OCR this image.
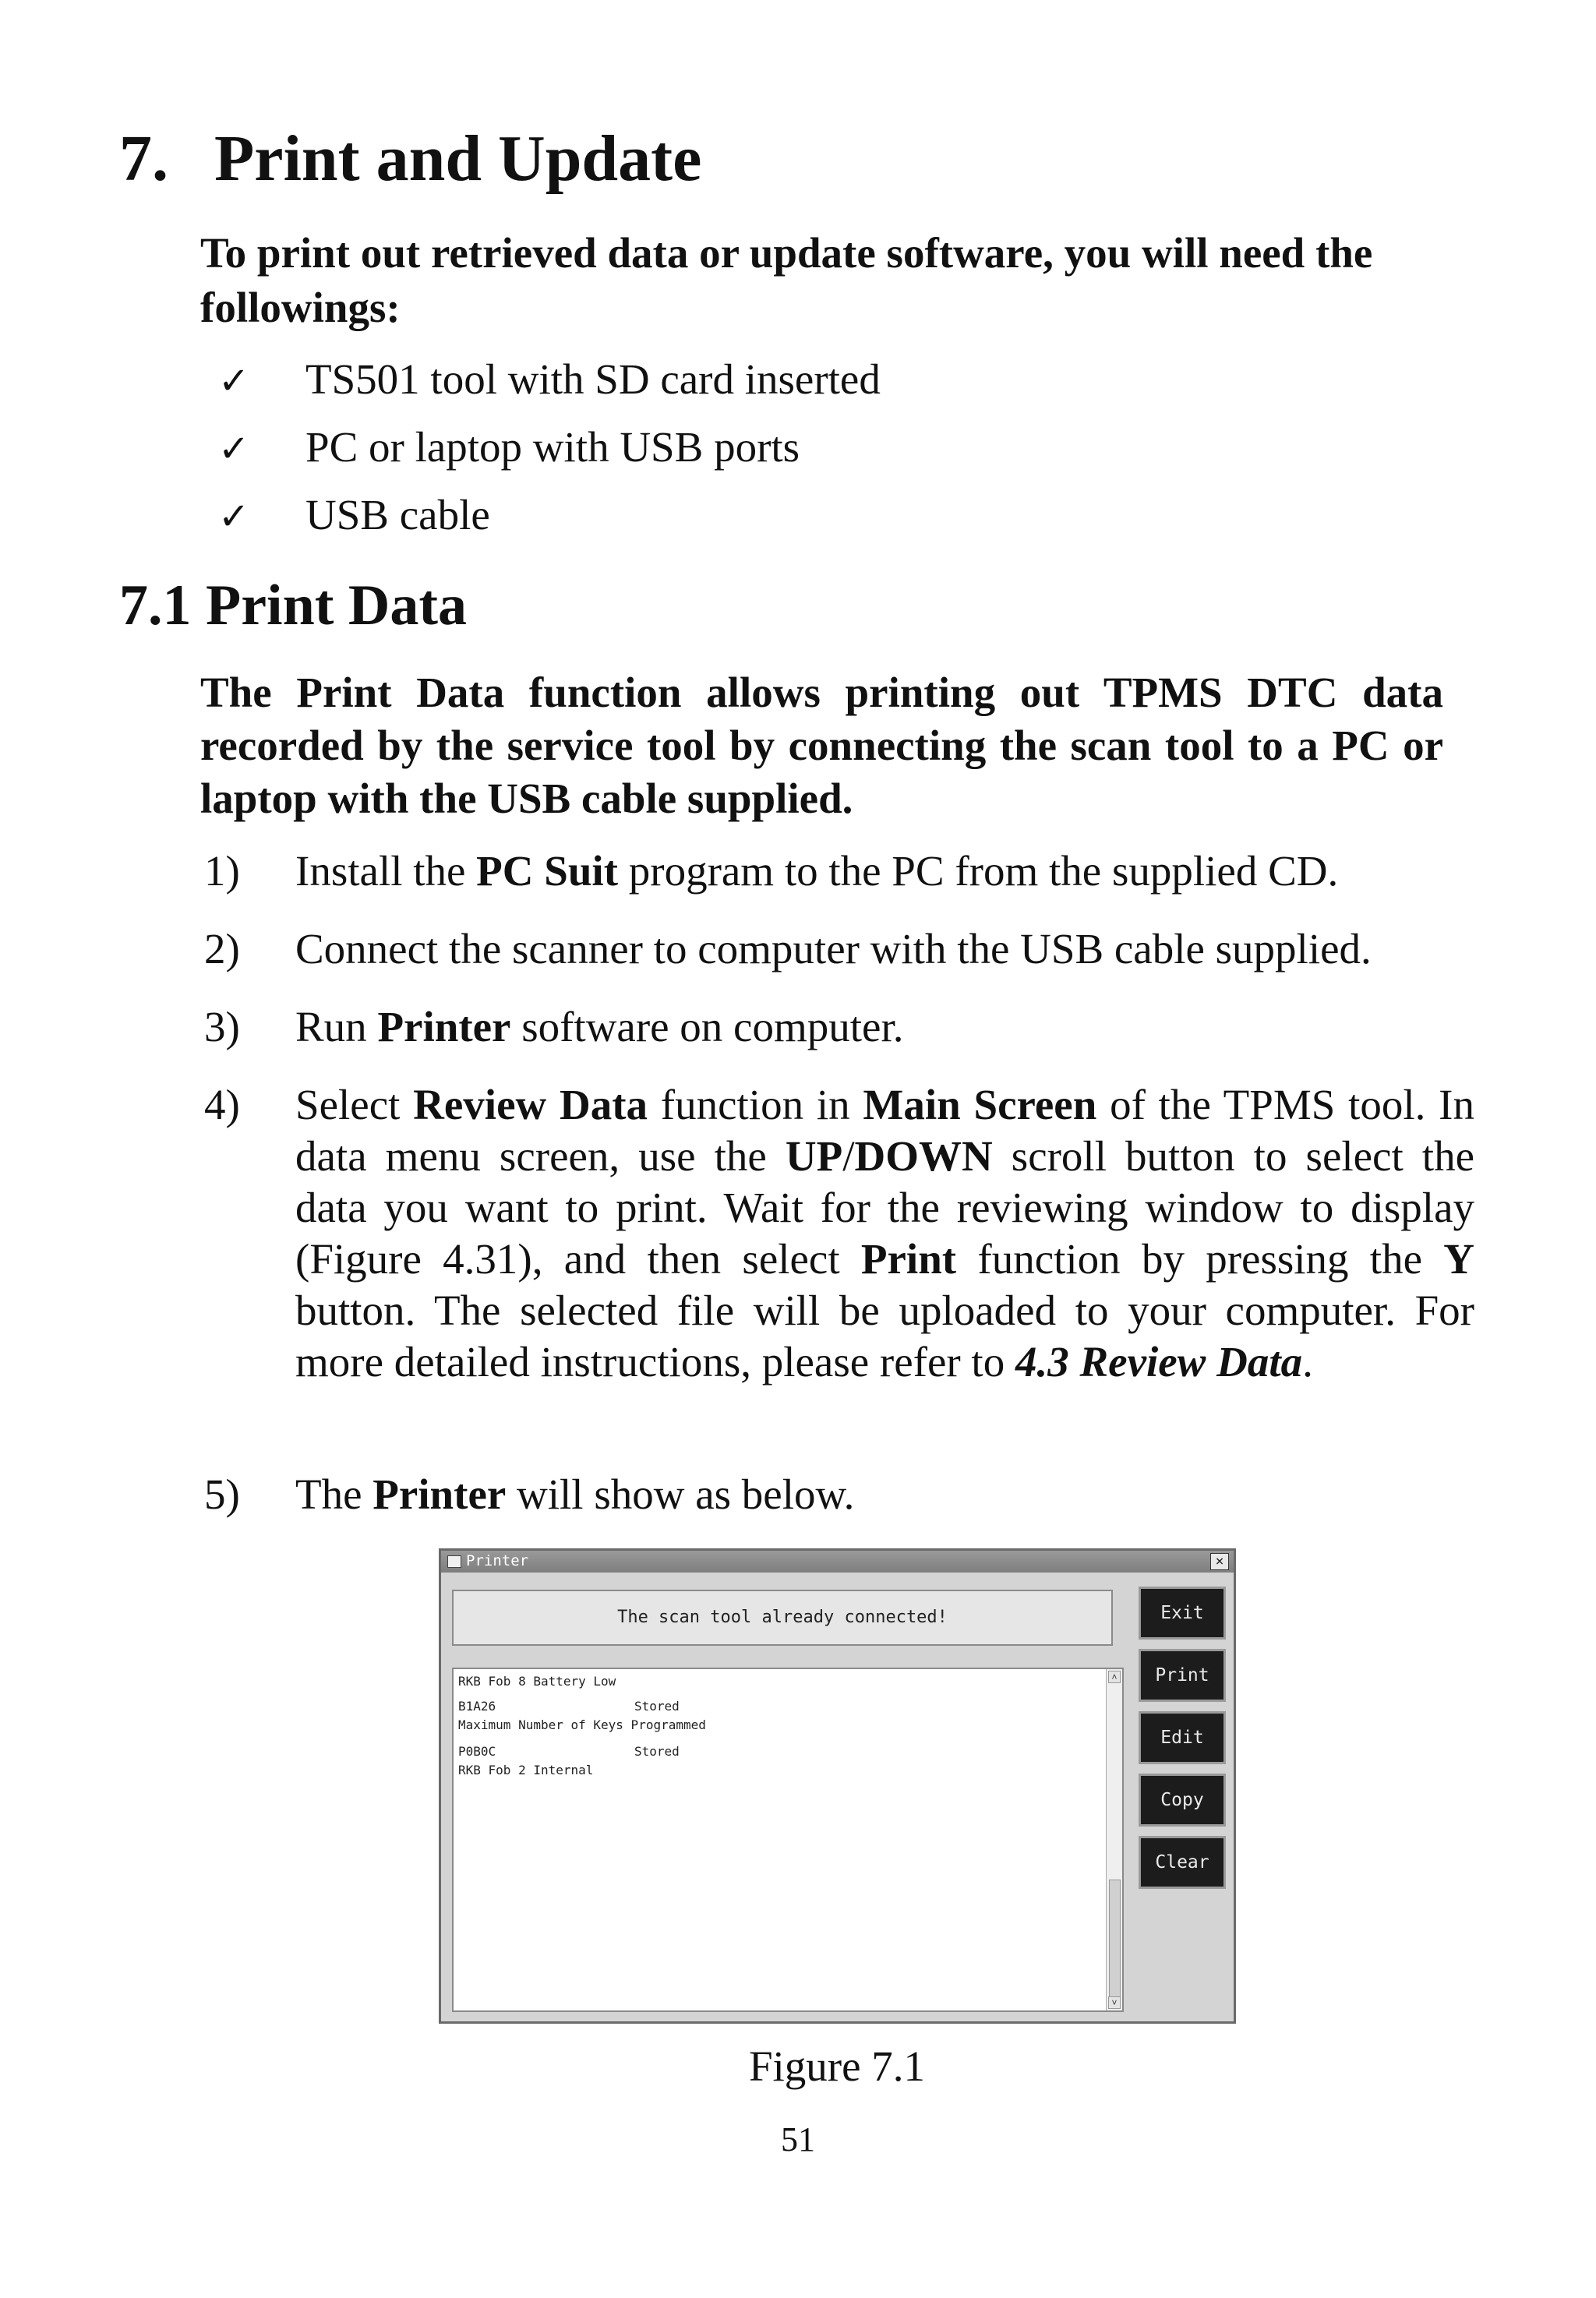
7. Print and Update
To print out retrieved data or update software, you will need the followings:
✓ TS501 tool with SD card inserted
✓ PC or laptop with USB ports
✓ USB cable
7.1 Print Data
The Print Data function allows printing out TPMS DTC data recorded by the service tool by connecting the scan tool to a PC or laptop with the USB cable supplied.
1) Install the PC Suit program to the PC from the supplied CD.
2) Connect the scanner to computer with the USB cable supplied.
3) Run Printer software on computer.
4) Select Review Data function in Main Screen of the TPMS tool. In data menu screen, use the UP/DOWN scroll button to select the data you want to print. Wait for the reviewing window to display (Figure 4.31), and then select Print function by pressing the Y button. The selected file will be uploaded to your computer. For more detailed instructions, please refer to 4.3 Review Data.
5) The Printer will show as below.
Printer	×
The scan tool already connected!
RKB Fob 8 Battery Low
B1A26	Stored
Maximum Number of Keys Programmed
P0B0C	Stored
RKB Fob 2 Internal
˄
˅
Exit
Print
Edit
Copy
Clear
Figure 7.1
51
